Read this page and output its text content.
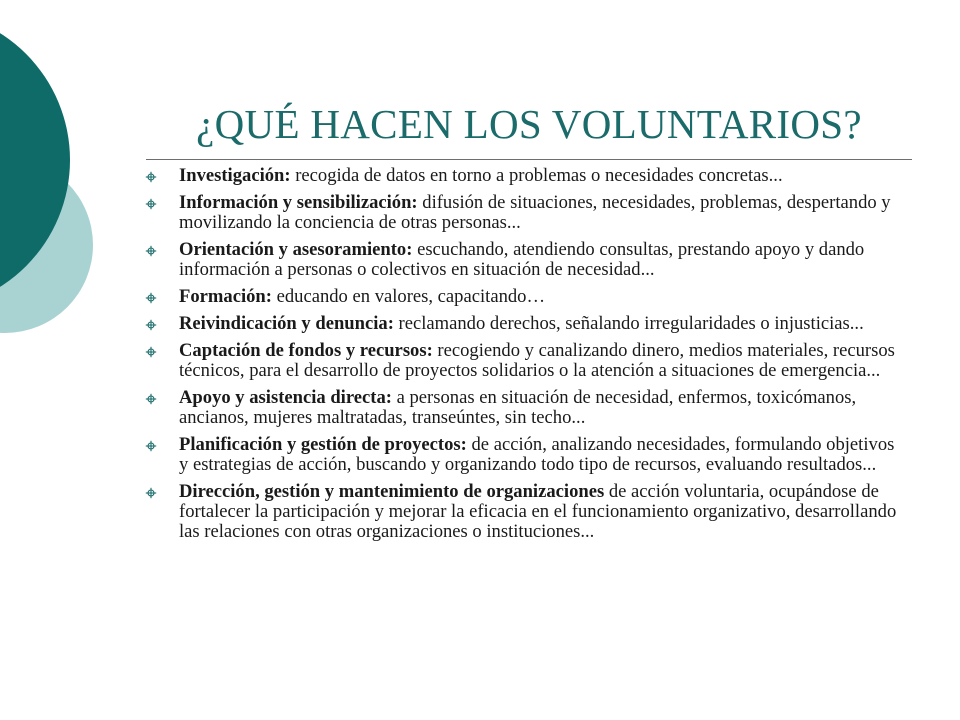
¿QUÉ HACEN LOS VOLUNTARIOS?
Investigación: recogida de datos en torno a problemas o necesidades concretas...
Información y sensibilización: difusión de situaciones, necesidades, problemas, despertando y movilizando la conciencia de otras personas...
Orientación y asesoramiento: escuchando, atendiendo consultas, prestando apoyo y dando información a personas o colectivos en situación de necesidad...
Formación: educando en valores, capacitando…
Reivindicación y denuncia: reclamando derechos, señalando irregularidades o injusticias...
Captación de fondos y recursos: recogiendo y canalizando dinero, medios materiales, recursos técnicos, para el desarrollo de proyectos solidarios o la atención a situaciones de emergencia...
Apoyo y asistencia directa: a personas en situación de necesidad, enfermos, toxicómanos, ancianos, mujeres maltratadas, transeúntes, sin techo...
Planificación y gestión de proyectos: de acción, analizando necesidades, formulando objetivos y estrategias de acción, buscando y organizando todo tipo de recursos, evaluando resultados...
Dirección, gestión y mantenimiento de organizaciones de acción voluntaria, ocupándose de fortalecer la participación y mejorar la eficacia en el funcionamiento organizativo, desarrollando las relaciones con otras organizaciones o instituciones...
